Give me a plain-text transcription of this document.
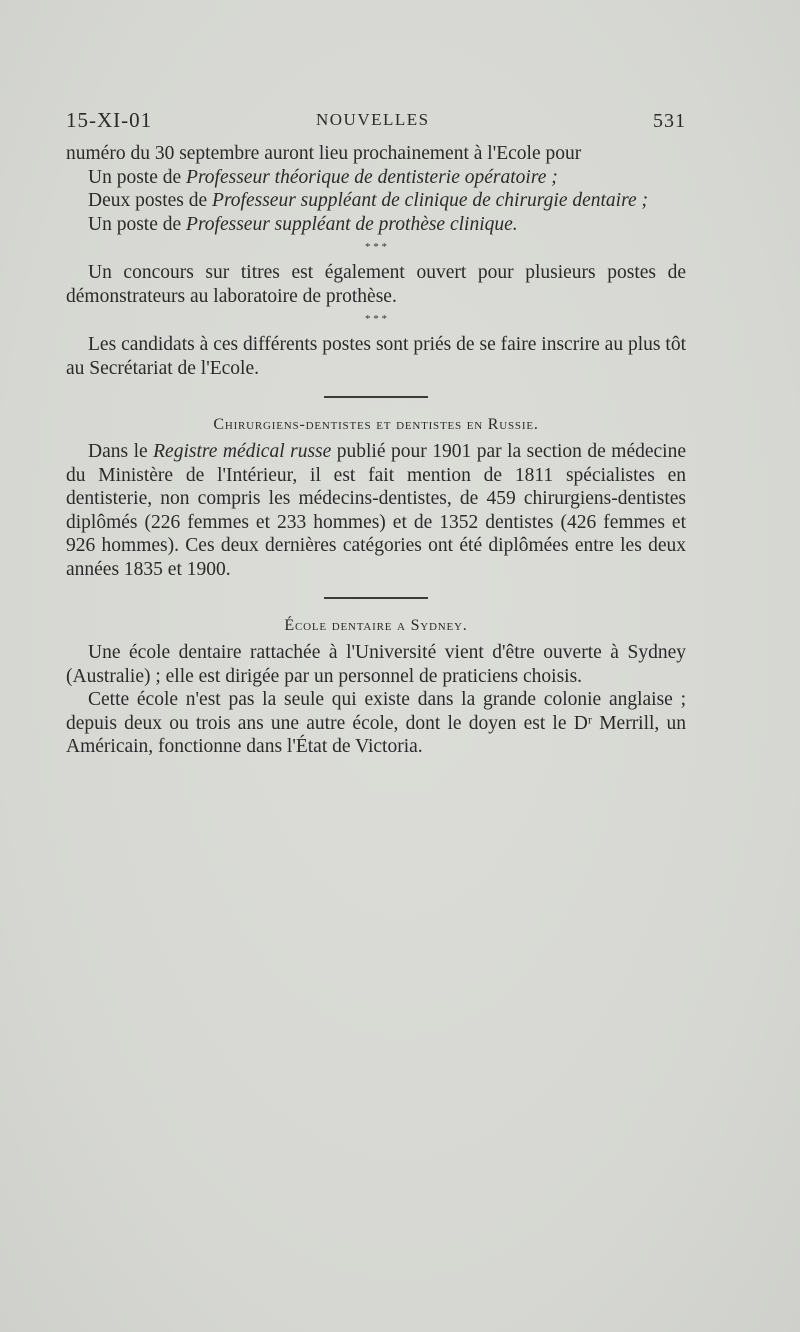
15-XI-01	NOUVELLES	531

numéro du 30 septembre auront lieu prochainement à l'Ecole pour

Un poste de Professeur théorique de dentisterie opératoire ;

Deux postes de Professeur suppléant de clinique de chirurgie dentaire ;

Un poste de Professeur suppléant de prothèse clinique.

* * *

Un concours sur titres est également ouvert pour plusieurs postes de démonstrateurs au laboratoire de prothèse.

* * *

Les candidats à ces différents postes sont priés de se faire inscrire au plus tôt au Secrétariat de l'Ecole.

Chirurgiens-dentistes et dentistes en Russie.

Dans le Registre médical russe publié pour 1901 par la section de médecine du Ministère de l'Intérieur, il est fait mention de 1811 spécialistes en dentisterie, non compris les médecins-dentistes, de 459 chirurgiens-dentistes diplômés (226 femmes et 233 hommes) et de 1352 dentistes (426 femmes et 926 hommes). Ces deux dernières catégories ont été diplômées entre les deux années 1835 et 1900.

École dentaire a Sydney.

Une école dentaire rattachée à l'Université vient d'être ouverte à Sydney (Australie) ; elle est dirigée par un personnel de praticiens choisis.

Cette école n'est pas la seule qui existe dans la grande colonie anglaise ; depuis deux ou trois ans une autre école, dont le doyen est le Dʳ Merrill, un Américain, fonctionne dans l'État de Victoria.
